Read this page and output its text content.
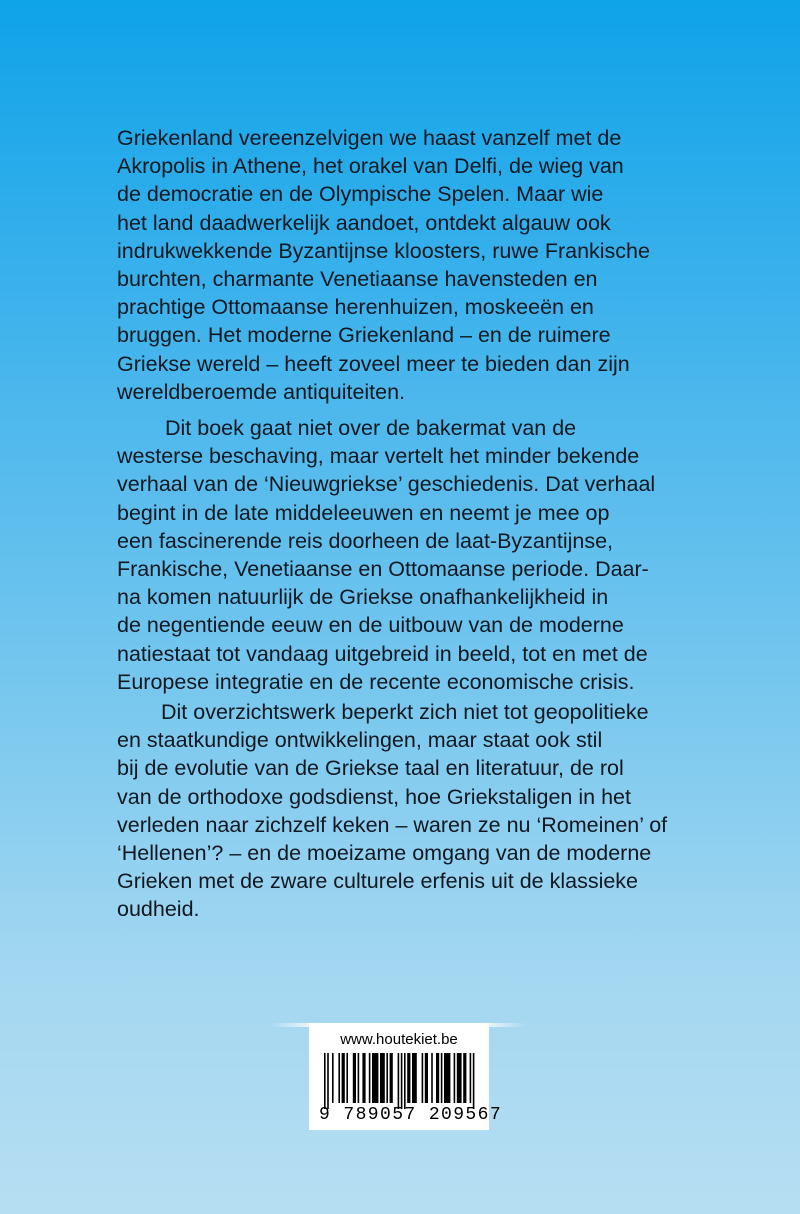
Griekenland vereenzelvigen we haast vanzelf met de
Akropolis in Athene, het orakel van Delfi, de wieg van
de democratie en de Olympische Spelen. Maar wie
het land daadwerkelijk aandoet, ontdekt algauw ook
indrukwekkende Byzantijnse kloosters, ruwe Frankische
burchten, charmante Venetiaanse havensteden en
prachtige Ottomaanse herenhuizen, moskeeën en
bruggen. Het moderne Griekenland – en de ruimere
Griekse wereld – heeft zoveel meer te bieden dan zijn
wereldberoemde antiquiteiten.
Dit boek gaat niet over de bakermat van de
westerse beschaving, maar vertelt het minder bekende
verhaal van de ‘Nieuwgriekse’ geschiedenis. Dat verhaal
begint in de late middeleeuwen en neemt je mee op
een fascinerende reis doorheen de laat-Byzantijnse,
Frankische, Venetiaanse en Ottomaanse periode. Daar-
na komen natuurlijk de Griekse onafhankelijkheid in
de negentiende eeuw en de uitbouw van de moderne
natiestaat tot vandaag uitgebreid in beeld, tot en met de
Europese integratie en de recente economische crisis.
Dit overzichtswerk beperkt zich niet tot geopolitieke
en staatkundige ontwikkelingen, maar staat ook stil
bij de evolutie van de Griekse taal en literatuur, de rol
van de orthodoxe godsdienst, hoe Griekstaligen in het
verleden naar zichzelf keken – waren ze nu ‘Romeinen’ of
‘Hellenen’? – en de moeizame omgang van de moderne
Grieken met de zware culturele erfenis uit de klassieke
oudheid.
www.houtekiet.be
9 789057 209567
